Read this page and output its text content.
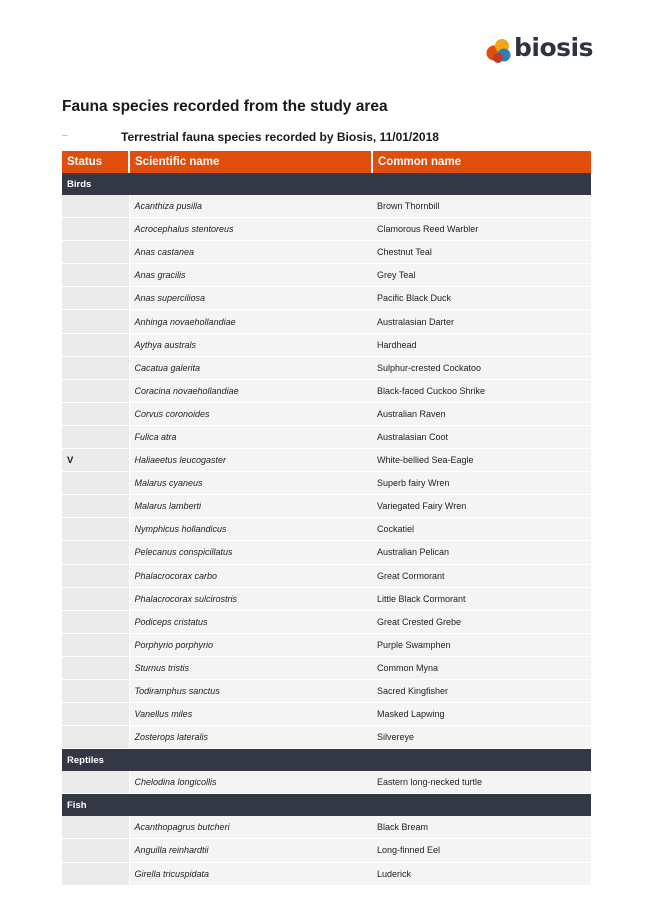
biosis
Fauna species recorded from the study area
–	Terrestrial fauna species recorded by Biosis, 11/01/2018
Status	Scientific name	Common name
Birds		
	Acanthiza pusilla	Brown Thornbill
	Acrocephalus stentoreus	Clamorous Reed Warbler
	Anas castanea	Chestnut Teal
	Anas gracilis	Grey Teal
	Anas superciliosa	Pacific Black Duck
	Anhinga novaehollandiae	Australasian Darter
	Aythya australs	Hardhead
	Cacatua galerita	Sulphur-crested Cockatoo
	Coracina novaehollandiae	Black-faced Cuckoo Shrike
	Corvus coronoides	Australian Raven
	Fulica atra	Australasian Coot
V	Haliaeetus leucogaster	White-bellied Sea-Eagle
	Malarus cyaneus	Superb fairy Wren
	Malarus lamberti	Variegated Fairy Wren
	Nymphicus hollandicus	Cockatiel
	Pelecanus conspicillatus	Australian Pelican
	Phalacrocorax carbo	Great Cormorant
	Phalacrocorax sulcirostris	Little Black Cormorant
	Podiceps cristatus	Great Crested Grebe
	Porphyrio porphyrio	Purple Swamphen
	Sturnus tristis	Common Myna
	Todiramphus sanctus	Sacred Kingfisher
	Vanellus miles	Masked Lapwing
	Zosterops lateralis	Silvereye
Reptiles		
	Chelodina longicollis	Eastern long-necked turtle
Fish		
	Acanthopagrus butcheri	Black Bream
	Anguilla reinhardtii	Long-finned Eel
	Girella tricuspidata	Luderick
